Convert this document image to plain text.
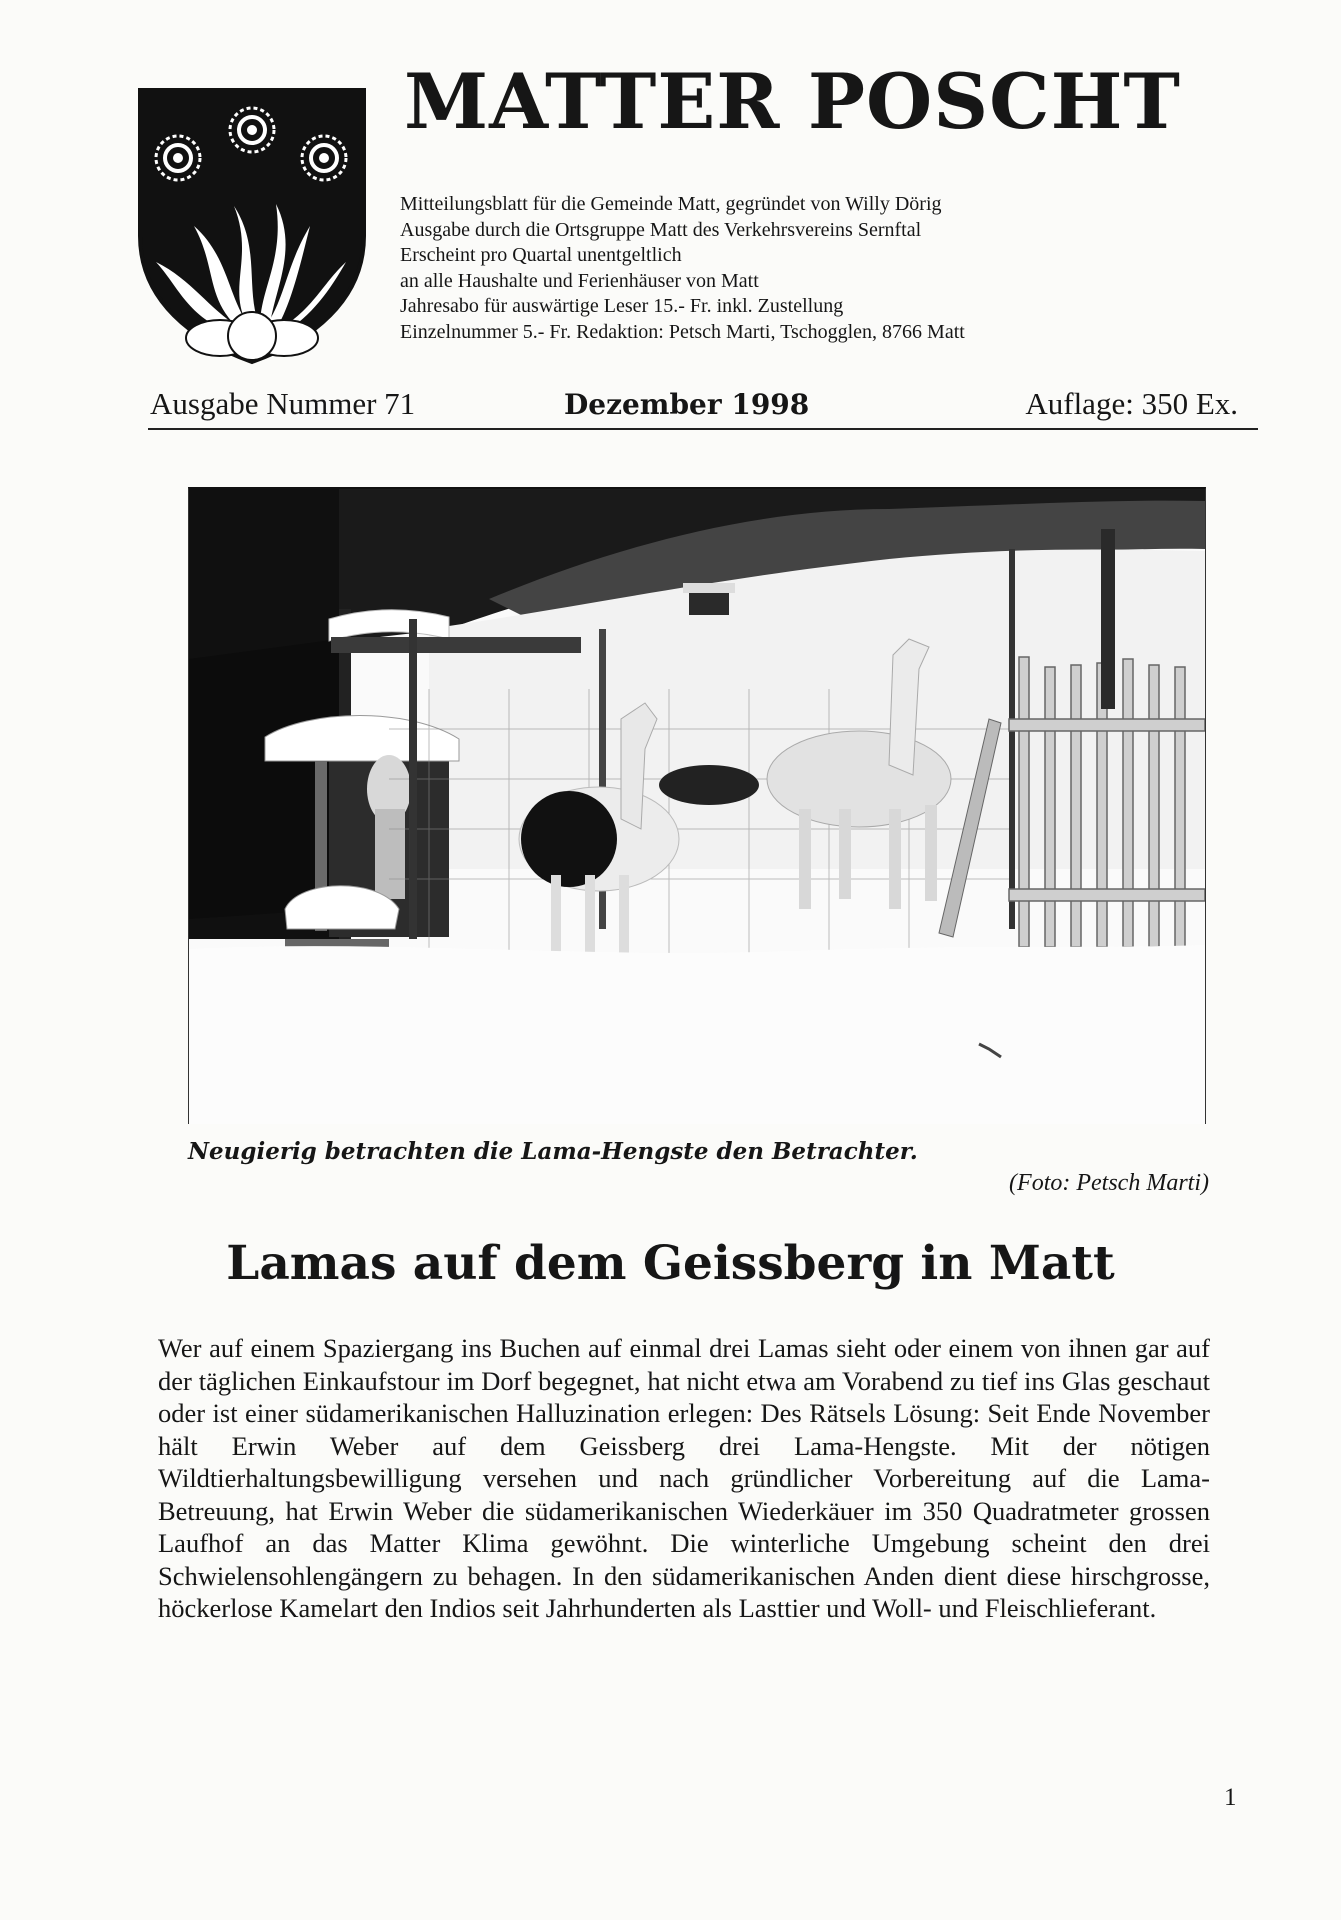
MATTER POSCHT
Mitteilungsblatt für die Gemeinde Matt, gegründet von Willy Dörig
Ausgabe durch die Ortsgruppe Matt des Verkehrsvereins Sernftal
Erscheint pro Quartal unentgeltlich
an alle Haushalte und Ferienhäuser von Matt
Jahresabo für auswärtige Leser 15.- Fr. inkl. Zustellung
Einzelnummer 5.- Fr. Redaktion: Petsch Marti, Tschogglen, 8766 Matt
Ausgabe Nummer 71	Dezember 1998	Auflage: 350 Ex.
Neugierig betrachten die Lama-Hengste den Betrachter.
(Foto: Petsch Marti)
Lamas auf dem Geissberg in Matt
Wer auf einem Spaziergang ins Buchen auf einmal drei Lamas sieht oder einem von ihnen gar auf der täglichen Einkaufstour im Dorf begegnet, hat nicht etwa am Vorabend zu tief ins Glas geschaut oder ist einer südamerikanischen Halluzination erlegen: Des Rätsels Lösung: Seit Ende November hält Erwin Weber auf dem Geissberg drei Lama-Hengste. Mit der nötigen Wildtierhaltungsbewilligung versehen und nach gründlicher Vorbereitung auf die Lama-Betreuung, hat Erwin Weber die südamerikanischen Wiederkäuer im 350 Quadratmeter grossen Laufhof an das Matter Klima gewöhnt. Die winterliche Umgebung scheint den drei Schwielensohlengängern zu behagen. In den südamerikanischen Anden dient diese hirschgrosse, höckerlose Kamelart den Indios seit Jahrhunderten als Lasttier und Woll- und Fleischlieferant.
1
